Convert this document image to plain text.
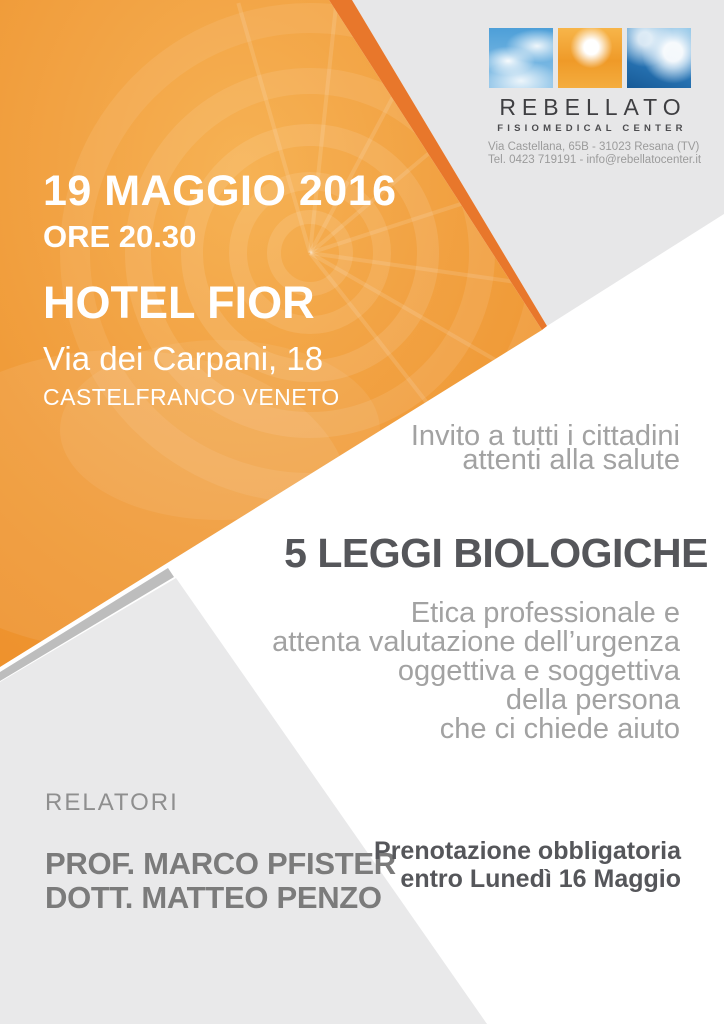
19 MAGGIO 2016
ORE 20.30
HOTEL FIOR
Via dei Carpani, 18
CASTELFRANCO VENETO
REBELLATO
FISIOMEDICAL CENTER
Via Castellana, 65B - 31023 Resana (TV)
Tel. 0423 719191 - info@rebellatocenter.it
Invito a tutti i cittadini
attenti alla salute
5 LEGGI BIOLOGICHE
Etica professionale e
attenta valutazione dell’urgenza
oggettiva e soggettiva
della persona
che ci chiede aiuto
RELATORI
PROF. MARCO PFISTER
DOTT. MATTEO PENZO
Prenotazione obbligatoria
entro Lunedì 16 Maggio
